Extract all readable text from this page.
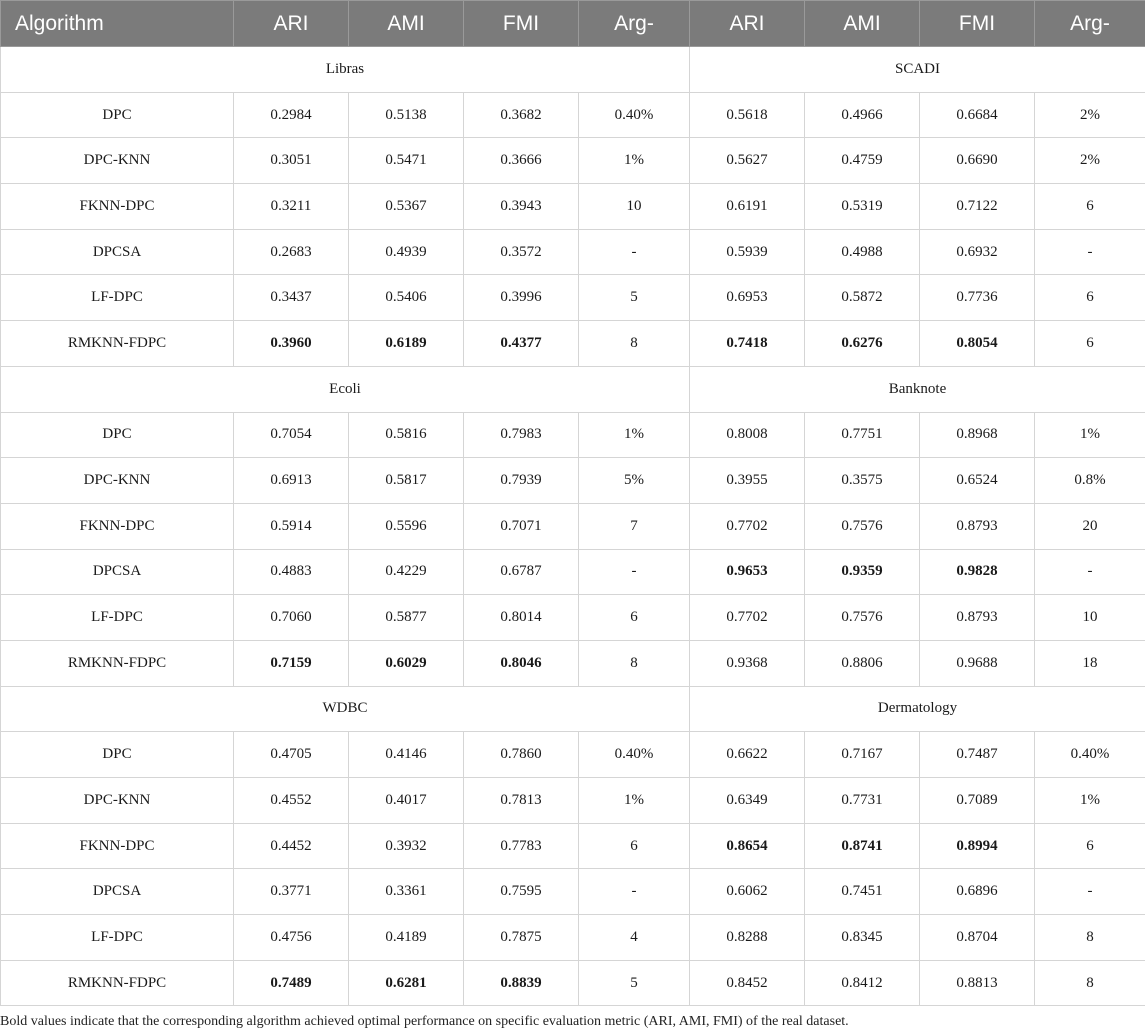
Algorithm	ARI	AMI	FMI	Arg-	ARI	AMI	FMI	Arg-
Libras					SCADI			
DPC	0.2984	0.5138	0.3682	0.40%	0.5618	0.4966	0.6684	2%
DPC-KNN	0.3051	0.5471	0.3666	1%	0.5627	0.4759	0.6690	2%
FKNN-DPC	0.3211	0.5367	0.3943	10	0.6191	0.5319	0.7122	6
DPCSA	0.2683	0.4939	0.3572	-	0.5939	0.4988	0.6932	-
LF-DPC	0.3437	0.5406	0.3996	5	0.6953	0.5872	0.7736	6
RMKNN-FDPC	0.3960	0.6189	0.4377	8	0.7418	0.6276	0.8054	6
Ecoli					Banknote			
DPC	0.7054	0.5816	0.7983	1%	0.8008	0.7751	0.8968	1%
DPC-KNN	0.6913	0.5817	0.7939	5%	0.3955	0.3575	0.6524	0.8%
FKNN-DPC	0.5914	0.5596	0.7071	7	0.7702	0.7576	0.8793	20
DPCSA	0.4883	0.4229	0.6787	-	0.9653	0.9359	0.9828	-
LF-DPC	0.7060	0.5877	0.8014	6	0.7702	0.7576	0.8793	10
RMKNN-FDPC	0.7159	0.6029	0.8046	8	0.9368	0.8806	0.9688	18
WDBC					Dermatology			
DPC	0.4705	0.4146	0.7860	0.40%	0.6622	0.7167	0.7487	0.40%
DPC-KNN	0.4552	0.4017	0.7813	1%	0.6349	0.7731	0.7089	1%
FKNN-DPC	0.4452	0.3932	0.7783	6	0.8654	0.8741	0.8994	6
DPCSA	0.3771	0.3361	0.7595	-	0.6062	0.7451	0.6896	-
LF-DPC	0.4756	0.4189	0.7875	4	0.8288	0.8345	0.8704	8
RMKNN-FDPC	0.7489	0.6281	0.8839	5	0.8452	0.8412	0.8813	8
Bold values indicate that the corresponding algorithm achieved optimal performance on specific evaluation metric (ARI, AMI, FMI) of the real dataset.
